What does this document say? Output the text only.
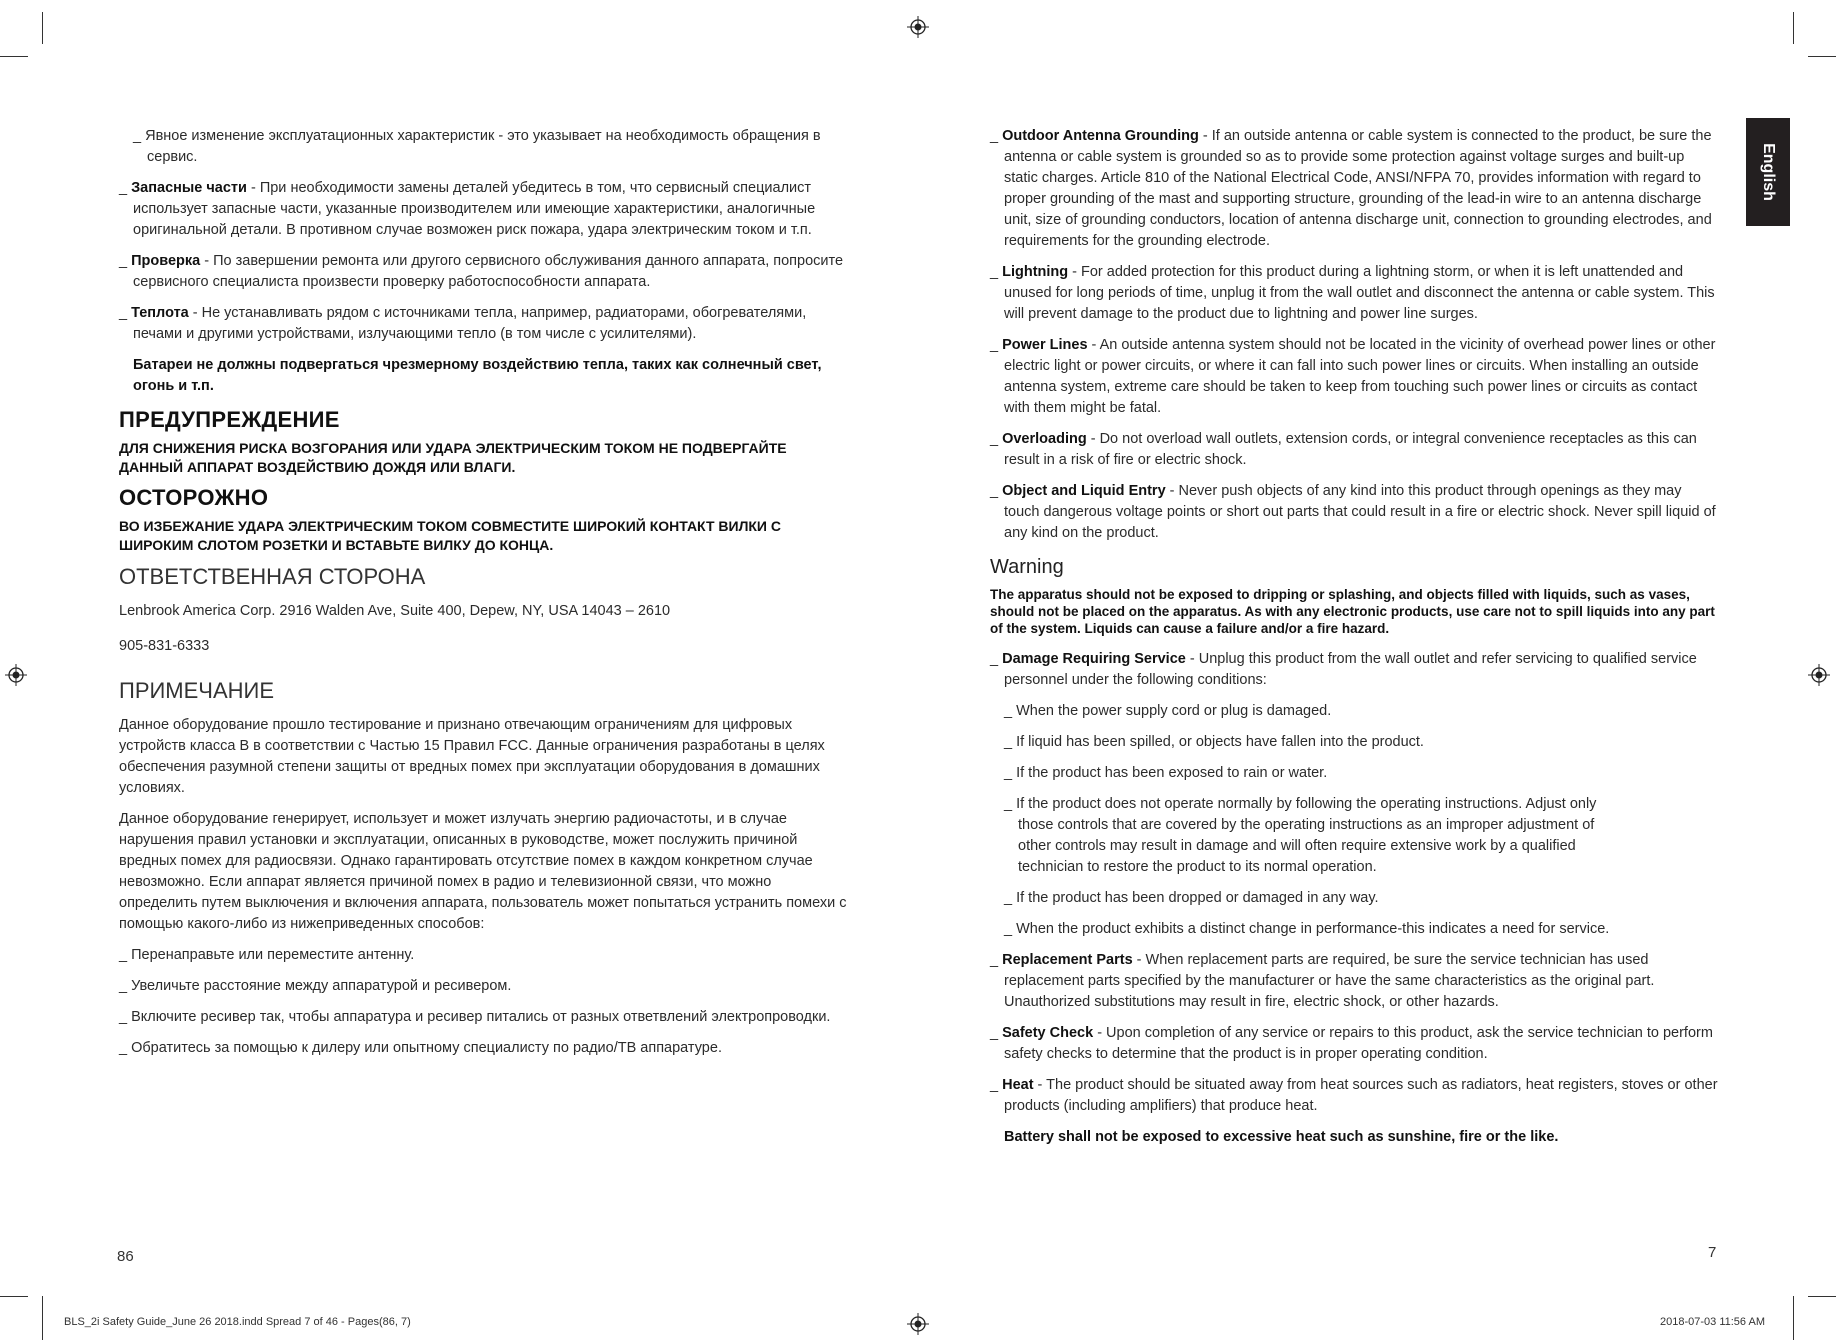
English
_ Явное изменение эксплуатационных характеристик - это указывает на необходимость обращения в сервис.
_ Запасные части - При необходимости замены деталей убедитесь в том, что сервисный специалист использует запасные части, указанные производителем или имеющие характеристики, аналогичные оригинальной детали. В противном случае возможен риск пожара, удара электрическим током и т.п.
_ Проверка - По завершении ремонта или другого сервисного обслуживания данного аппарата, попросите сервисного специалиста произвести проверку работоспособности аппарата.
_ Теплота - Не устанавливать рядом с источниками тепла, например, радиаторами, обогревателями, печами и другими устройствами, излучающими тепло (в том числе с усилителями).
Батареи не должны подвергаться чрезмерному воздействию тепла, таких как солнечный свет, огонь и т.п.
ПРЕДУПРЕЖДЕНИЕ
ДЛЯ СНИЖЕНИЯ РИСКА ВОЗГОРАНИЯ ИЛИ УДАРА ЭЛЕКТРИЧЕСКИМ ТОКОМ НЕ ПОДВЕРГАЙТЕ ДАННЫЙ АППАРАТ ВОЗДЕЙСТВИЮ ДОЖДЯ ИЛИ ВЛАГИ.
ОСТОРОЖНО
ВО ИЗБЕЖАНИЕ УДАРА ЭЛЕКТРИЧЕСКИМ ТОКОМ СОВМЕСТИТЕ ШИРОКИЙ КОНТАКТ ВИЛКИ С ШИРОКИМ СЛОТОМ РОЗЕТКИ И ВСТАВЬТЕ ВИЛКУ ДО КОНЦА.
ОТВЕТСТВЕННАЯ СТОРОНА
Lenbrook America Corp. 2916 Walden Ave, Suite 400, Depew, NY, USA 14043 – 2610
905-831-6333
ПРИМЕЧАНИЕ
Данное оборудование прошло тестирование и признано отвечающим ограничениям для цифровых устройств класса B в соответствии с Частью 15 Правил FCC. Данные ограничения разработаны в целях обеспечения разумной степени защиты от вредных помех при эксплуатации оборудования в домашних условиях.
Данное оборудование генерирует, использует и может излучать энергию радиочастоты, и в случае нарушения правил установки и эксплуатации, описанных в руководстве, может послужить причиной вредных помех для радиосвязи. Однако гарантировать отсутствие помех в каждом конкретном случае невозможно. Если аппарат является причиной помех в радио и телевизионной связи, что можно определить путем выключения и включения аппарата, пользователь может попытаться устранить помехи с помощью какого-либо из нижеприведенных способов:
_ Перенаправьте или переместите антенну.
_ Увеличьте расстояние между аппаратурой и ресивером.
_ Включите ресивер так, чтобы аппаратура и ресивер питались от разных ответвлений электропроводки.
_ Обратитесь за помощью к дилеру или опытному специалисту по радио/ТВ аппаратуре.
_ Outdoor Antenna Grounding - If an outside antenna or cable system is connected to the product, be sure the antenna or cable system is grounded so as to provide some protection against voltage surges and built-up static charges. Article 810 of the National Electrical Code, ANSI/NFPA 70, provides information with regard to proper grounding of the mast and supporting structure, grounding of the lead-in wire to an antenna discharge unit, size of grounding conductors, location of antenna discharge unit, connection to grounding electrodes, and requirements for the grounding electrode.
_ Lightning - For added protection for this product during a lightning storm, or when it is left unattended and unused for long periods of time, unplug it from the wall outlet and disconnect the antenna or cable system. This will prevent damage to the product due to lightning and power line surges.
_ Power Lines - An outside antenna system should not be located in the vicinity of overhead power lines or other electric light or power circuits, or where it can fall into such power lines or circuits. When installing an outside antenna system, extreme care should be taken to keep from touching such power lines or circuits as contact with them might be fatal.
_ Overloading - Do not overload wall outlets, extension cords, or integral convenience receptacles as this can result in a risk of fire or electric shock.
_ Object and Liquid Entry - Never push objects of any kind into this product through openings as they may touch dangerous voltage points or short out parts that could result in a fire or electric shock. Never spill liquid of any kind on the product.
Warning
The apparatus should not be exposed to dripping or splashing, and objects filled with liquids, such as vases, should not be placed on the apparatus. As with any electronic products, use care not to spill liquids into any part of the system. Liquids can cause a failure and/or a fire hazard.
_ Damage Requiring Service - Unplug this product from the wall outlet and refer servicing to qualified service personnel under the following conditions:
_ When the power supply cord or plug is damaged.
_ If liquid has been spilled, or objects have fallen into the product.
_ If the product has been exposed to rain or water.
_ If the product does not operate normally by following the operating instructions. Adjust only those controls that are covered by the operating instructions as an improper adjustment of other controls may result in damage and will often require extensive work by a qualified technician to restore the product to its normal operation.
_ If the product has been dropped or damaged in any way.
_ When the product exhibits a distinct change in performance-this indicates a need for service.
_ Replacement Parts - When replacement parts are required, be sure the service technician has used replacement parts specified by the manufacturer or have the same characteristics as the original part. Unauthorized substitutions may result in fire, electric shock, or other hazards.
_ Safety Check - Upon completion of any service or repairs to this product, ask the service technician to perform safety checks to determine that the product is in proper operating condition.
_ Heat - The product should be situated away from heat sources such as radiators, heat registers, stoves or other products (including amplifiers) that produce heat.
Battery shall not be exposed to excessive heat such as sunshine, fire or the like.
86	7
BLS_2i Safety Guide_June 26 2018.indd Spread 7 of 46 - Pages(86, 7)	2018-07-03 11:56 AM
